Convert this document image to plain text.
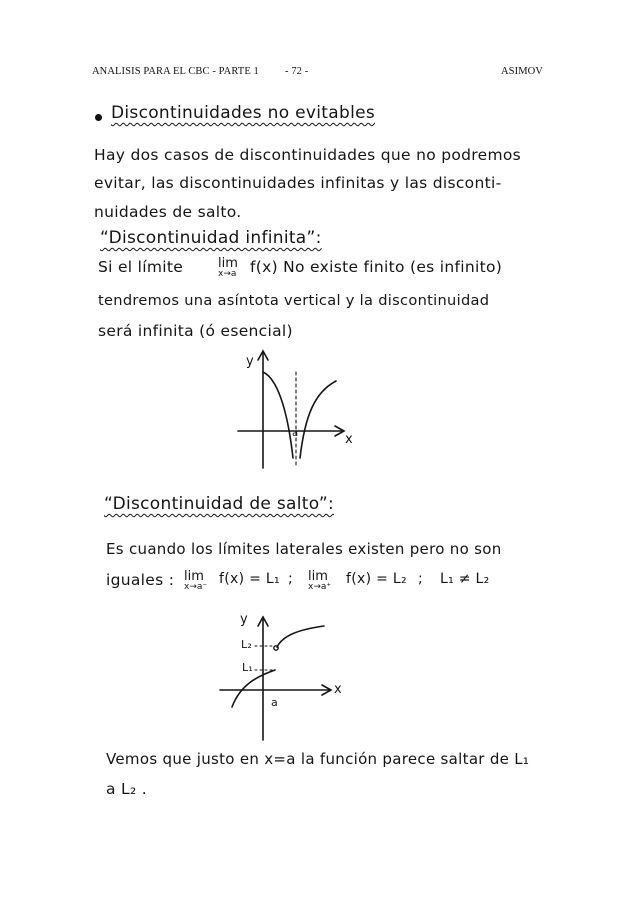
ANALISIS PARA EL CBC - PARTE 1 - 72 -	ASIMOV
Discontinuidades no evitables
Hay dos casos de discontinuidades que no podremos
evitar, las discontinuidades infinitas y las disconti-
nuidades de salto.
“Discontinuidad infinita”:
Si el límite	lim
x→a f(x) No existe finito (es infinito)
tendremos una asíntota vertical y la discontinuidad
será infinita (ó esencial)
y
x
a
“Discontinuidad de salto”:
Es cuando los límites laterales existen pero no son
iguales : lim
x→a⁻ f(x) = L₁ ; lim
x→a⁺ f(x) = L₂ ; L₁ ≠ L₂
y
L₂
L₁
x
a
Vemos que justo en x=a la función parece saltar de L₁
a L₂ .
